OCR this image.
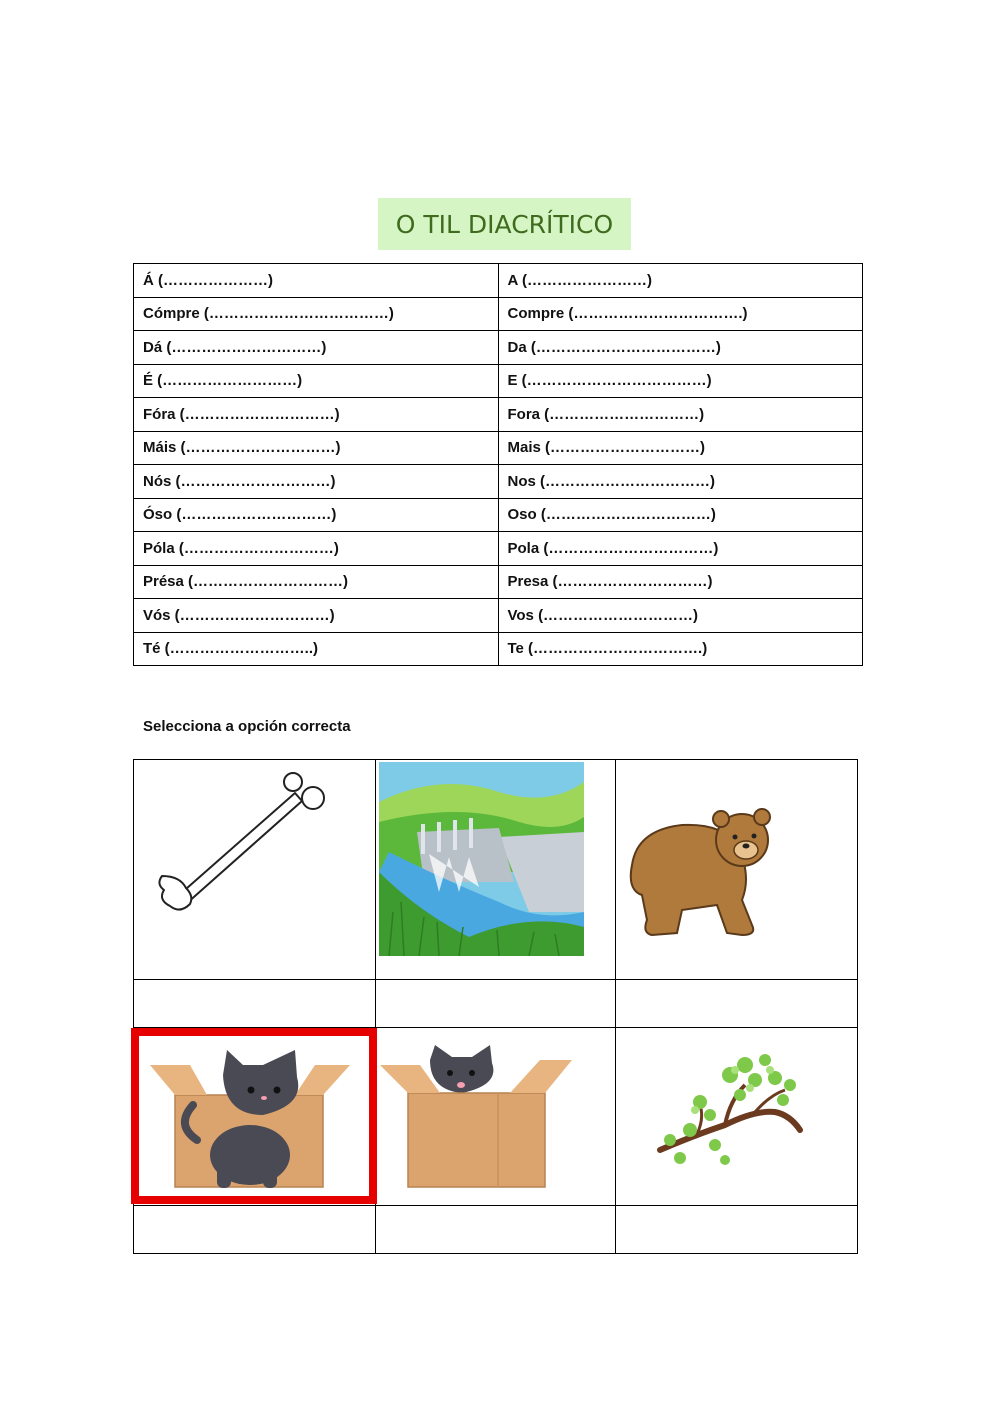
O TIL DIACRÍTICO
Á (…………………)	A (……………………)
Cómpre (………………………………)	Compre (…………………………….)
Dá (…………………………)	Da (………………………………)
É (………………………)	E (………………………………)
Fóra (…………………………)	Fora (…………………………)
Máis (…………………………)	Mais (…………………………)
Nós (…………………………)	Nos (……………………………)
Óso (…………………………)	Oso (……………………………)
Póla (…………………………)	Pola (……………………………)
Présa (…………………………)	Presa (…………………………)
Vós (…………………………)	Vos (…………………………)
Té (………………………..)	Te (…………………………….)
Selecciona a opción correcta
